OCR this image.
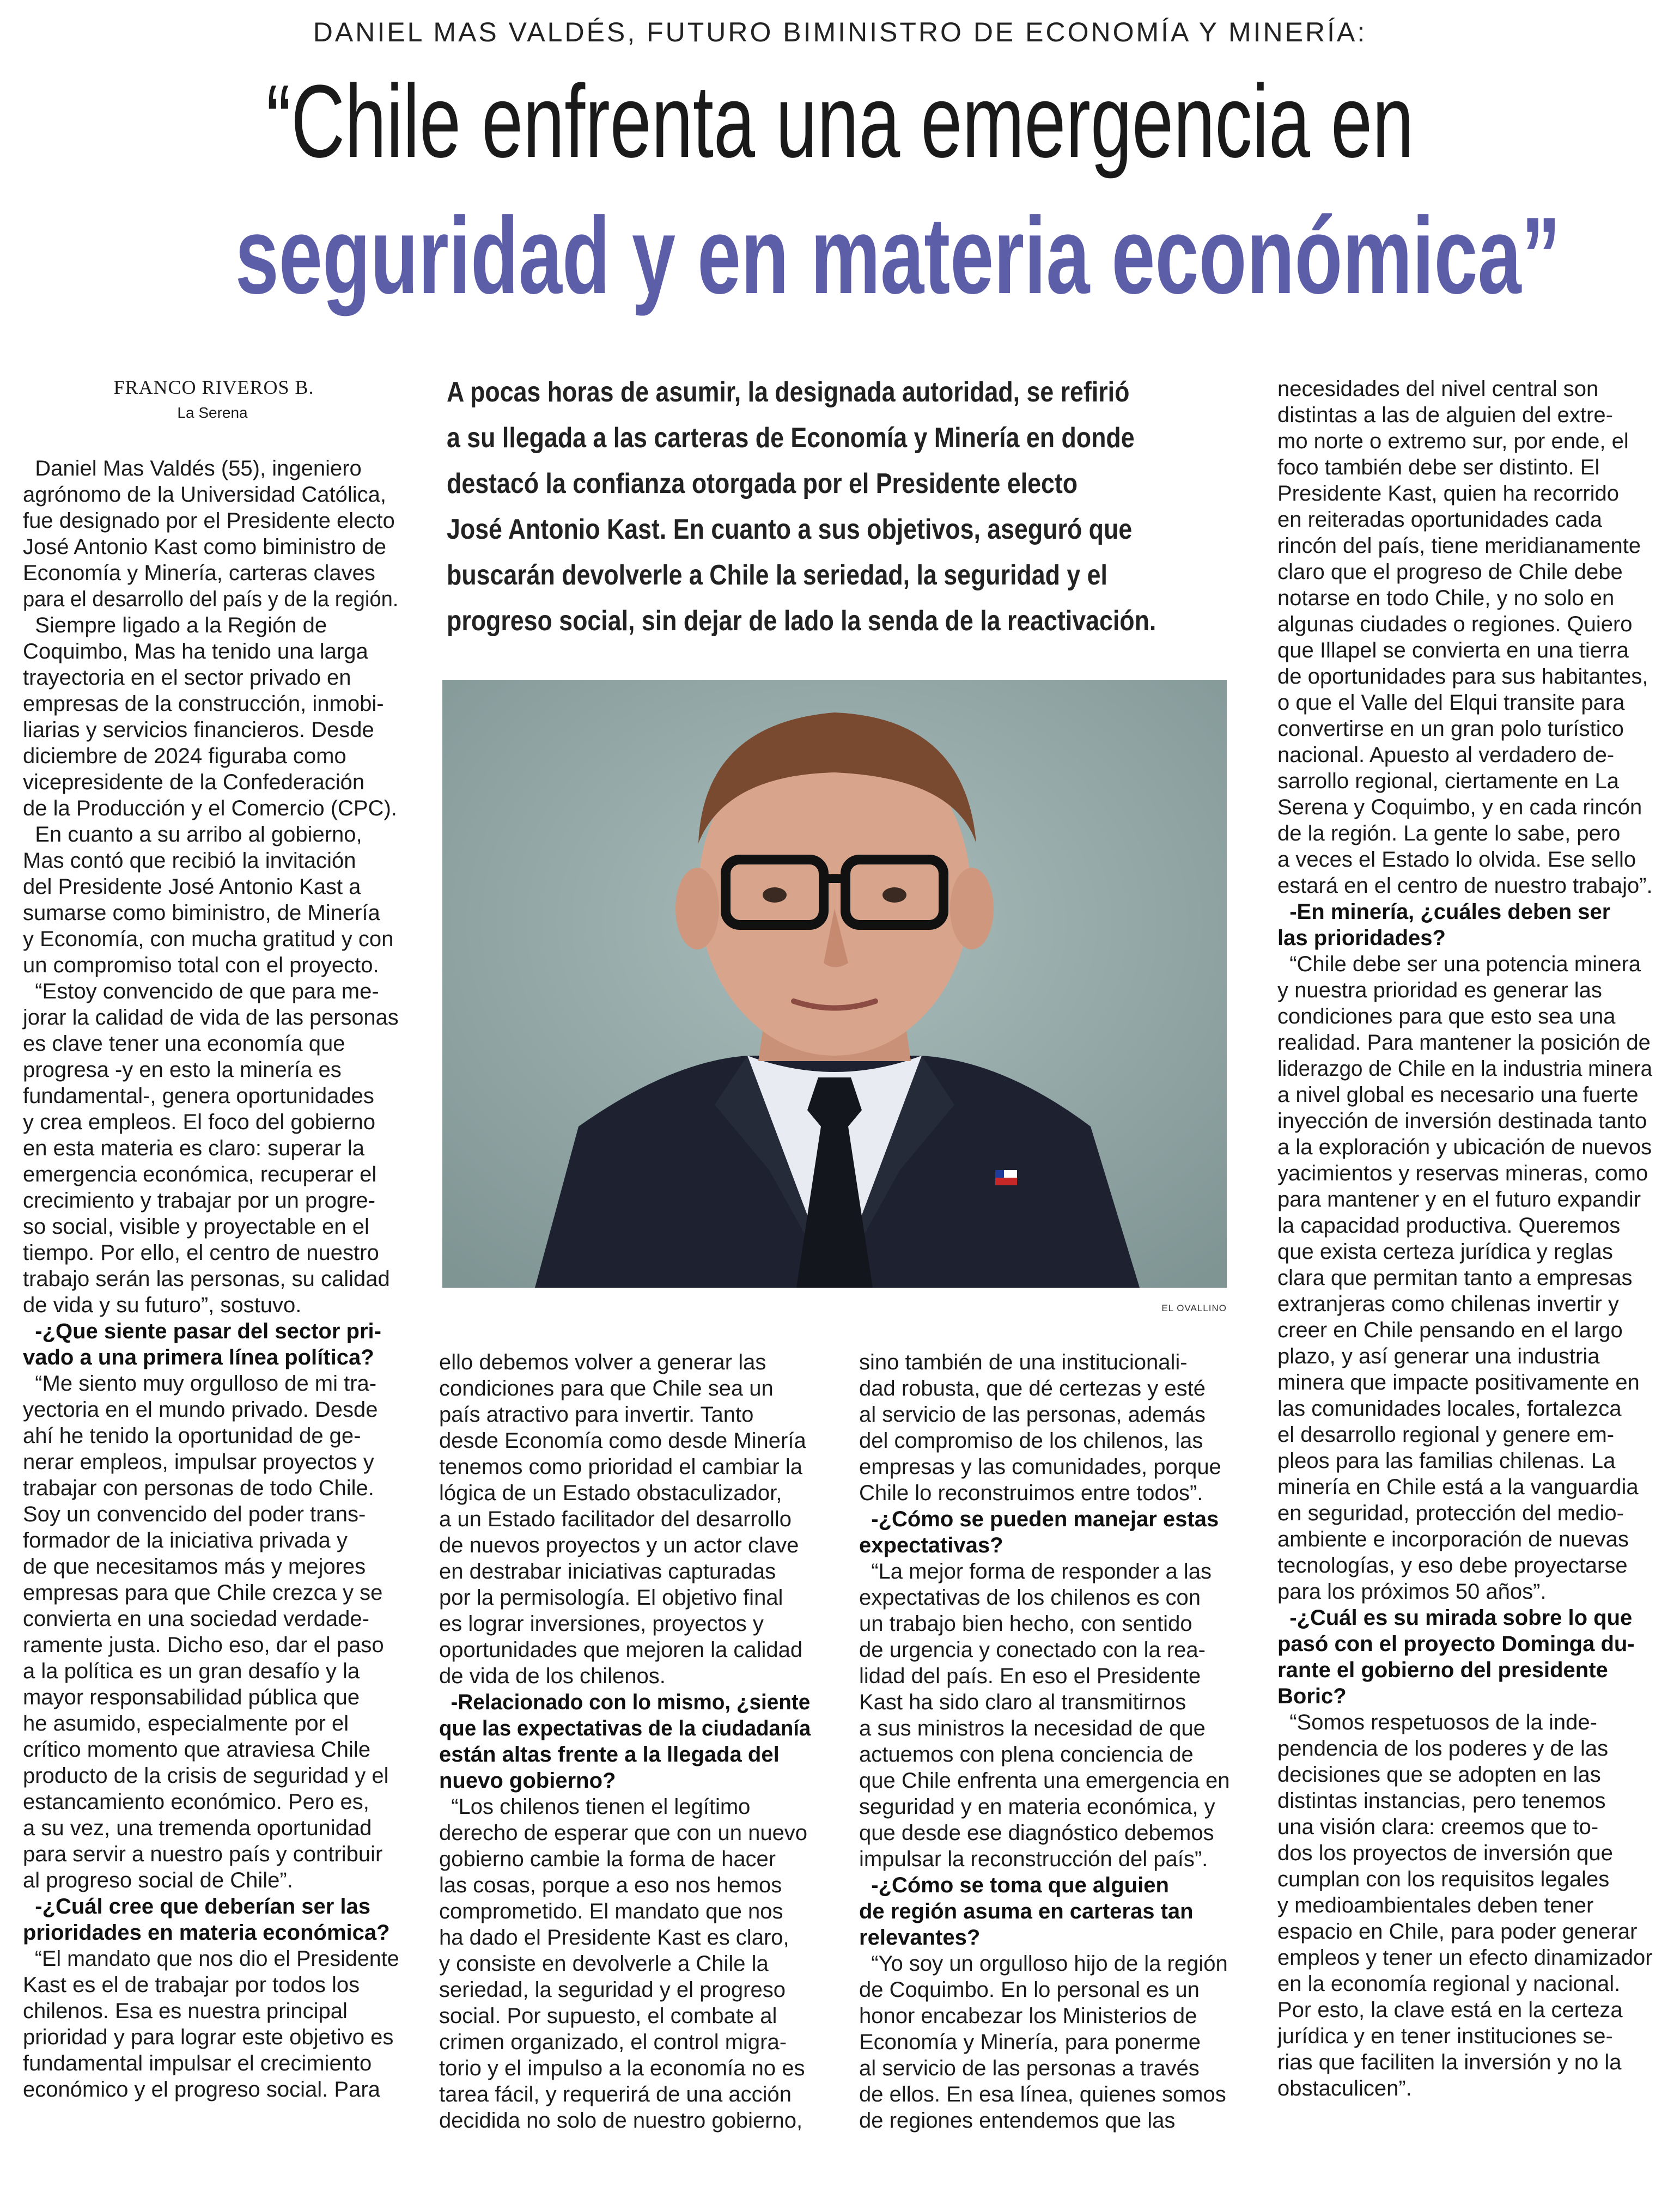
DANIEL MAS VALDÉS, FUTURO BIMINISTRO DE ECONOMÍA Y MINERÍA:
“Chile enfrenta una emergencia en
seguridad y en materia económica”
FRANCO RIVEROS B.
La Serena

A pocas horas de asumir, la designada autoridad, se refirió

a su llegada a las carteras de Economía y Minería en donde

destacó la confianza otorgada por el Presidente electo

José Antonio Kast. En cuanto a sus objetivos, aseguró que

buscarán devolverle a Chile la seriedad, la seguridad y el

progreso social, sin dejar de lado la senda de la reactivación.

EL OVALLINO

Daniel Mas Valdés (55), ingeniero

agrónomo de la Universidad Católica,

fue designado por el Presidente electo

José Antonio Kast como biministro de

Economía y Minería, carteras claves

para el desarrollo del país y de la región.

Siempre ligado a la Región de

Coquimbo, Mas ha tenido una larga

trayectoria en el sector privado en

empresas de la construcción, inmobi-

liarias y servicios financieros. Desde

diciembre de 2024 figuraba como

vicepresidente de la Confederación

de la Producción y el Comercio (CPC).

En cuanto a su arribo al gobierno,

Mas contó que recibió la invitación

del Presidente José Antonio Kast a

sumarse como biministro, de Minería

y Economía, con mucha gratitud y con

un compromiso total con el proyecto.

“Estoy convencido de que para me-

jorar la calidad de vida de las personas

es clave tener una economía que

progresa -y en esto la minería es

fundamental-, genera oportunidades

y crea empleos. El foco del gobierno

en esta materia es claro: superar la

emergencia económica, recuperar el

crecimiento y trabajar por un progre-

so social, visible y proyectable en el

tiempo. Por ello, el centro de nuestro

trabajo serán las personas, su calidad

de vida y su futuro”, sostuvo.

-¿Que siente pasar del sector pri-

vado a una primera línea política?

“Me siento muy orgulloso de mi tra-

yectoria en el mundo privado. Desde

ahí he tenido la oportunidad de ge-

nerar empleos, impulsar proyectos y

trabajar con personas de todo Chile.

Soy un convencido del poder trans-

formador de la iniciativa privada y

de que necesitamos más y mejores

empresas para que Chile crezca y se

convierta en una sociedad verdade-

ramente justa. Dicho eso, dar el paso

a la política es un gran desafío y la

mayor responsabilidad pública que

he asumido, especialmente por el

crítico momento que atraviesa Chile

producto de la crisis de seguridad y el

estancamiento económico. Pero es,

a su vez, una tremenda oportunidad

para servir a nuestro país y contribuir

al progreso social de Chile”.

-¿Cuál cree que deberían ser las

prioridades en materia económica?

“El mandato que nos dio el Presidente

Kast es el de trabajar por todos los

chilenos. Esa es nuestra principal

prioridad y para lograr este objetivo es

fundamental impulsar el crecimiento

económico y el progreso social. Para

ello debemos volver a generar las

condiciones para que Chile sea un

país atractivo para invertir. Tanto

desde Economía como desde Minería

tenemos como prioridad el cambiar la

lógica de un Estado obstaculizador,

a un Estado facilitador del desarrollo

de nuevos proyectos y un actor clave

en destrabar iniciativas capturadas

por la permisología. El objetivo final

es lograr inversiones, proyectos y

oportunidades que mejoren la calidad

de vida de los chilenos.

-Relacionado con lo mismo, ¿siente

que las expectativas de la ciudadanía

están altas frente a la llegada del

nuevo gobierno?

“Los chilenos tienen el legítimo

derecho de esperar que con un nuevo

gobierno cambie la forma de hacer

las cosas, porque a eso nos hemos

comprometido. El mandato que nos

ha dado el Presidente Kast es claro,

y consiste en devolverle a Chile la

seriedad, la seguridad y el progreso

social. Por supuesto, el combate al

crimen organizado, el control migra-

torio y el impulso a la economía no es

tarea fácil, y requerirá de una acción

decidida no solo de nuestro gobierno,

sino también de una institucionali-

dad robusta, que dé certezas y esté

al servicio de las personas, además

del compromiso de los chilenos, las

empresas y las comunidades, porque

Chile lo reconstruimos entre todos”.

-¿Cómo se pueden manejar estas

expectativas?

“La mejor forma de responder a las

expectativas de los chilenos es con

un trabajo bien hecho, con sentido

de urgencia y conectado con la rea-

lidad del país. En eso el Presidente

Kast ha sido claro al transmitirnos

a sus ministros la necesidad de que

actuemos con plena conciencia de

que Chile enfrenta una emergencia en

seguridad y en materia económica, y

que desde ese diagnóstico debemos

impulsar la reconstrucción del país”.

-¿Cómo se toma que alguien

de región asuma en carteras tan

relevantes?

“Yo soy un orgulloso hijo de la región

de Coquimbo. En lo personal es un

honor encabezar los Ministerios de

Economía y Minería, para ponerme

al servicio de las personas a través

de ellos. En esa línea, quienes somos

de regiones entendemos que las

necesidades del nivel central son

distintas a las de alguien del extre-

mo norte o extremo sur, por ende, el

foco también debe ser distinto. El

Presidente Kast, quien ha recorrido

en reiteradas oportunidades cada

rincón del país, tiene meridianamente

claro que el progreso de Chile debe

notarse en todo Chile, y no solo en

algunas ciudades o regiones. Quiero

que Illapel se convierta en una tierra

de oportunidades para sus habitantes,

o que el Valle del Elqui transite para

convertirse en un gran polo turístico

nacional. Apuesto al verdadero de-

sarrollo regional, ciertamente en La

Serena y Coquimbo, y en cada rincón

de la región. La gente lo sabe, pero

a veces el Estado lo olvida. Ese sello

estará en el centro de nuestro trabajo”.

-En minería, ¿cuáles deben ser

las prioridades?

“Chile debe ser una potencia minera

y nuestra prioridad es generar las

condiciones para que esto sea una

realidad. Para mantener la posición de

liderazgo de Chile en la industria minera

a nivel global es necesario una fuerte

inyección de inversión destinada tanto

a la exploración y ubicación de nuevos

yacimientos y reservas mineras, como

para mantener y en el futuro expandir

la capacidad productiva. Queremos

que exista certeza jurídica y reglas

clara que permitan tanto a empresas

extranjeras como chilenas invertir y

creer en Chile pensando en el largo

plazo, y así generar una industria

minera que impacte positivamente en

las comunidades locales, fortalezca

el desarrollo regional y genere em-

pleos para las familias chilenas. La

minería en Chile está a la vanguardia

en seguridad, protección del medio-

ambiente e incorporación de nuevas

tecnologías, y eso debe proyectarse

para los próximos 50 años”.

-¿Cuál es su mirada sobre lo que

pasó con el proyecto Dominga du-

rante el gobierno del presidente

Boric?

“Somos respetuosos de la inde-

pendencia de los poderes y de las

decisiones que se adopten en las

distintas instancias, pero tenemos

una visión clara: creemos que to-

dos los proyectos de inversión que

cumplan con los requisitos legales

y medioambientales deben tener

espacio en Chile, para poder generar

empleos y tener un efecto dinamizador

en la economía regional y nacional.

Por esto, la clave está en la certeza

jurídica y en tener instituciones se-

rias que faciliten la inversión y no la

obstaculicen”.
